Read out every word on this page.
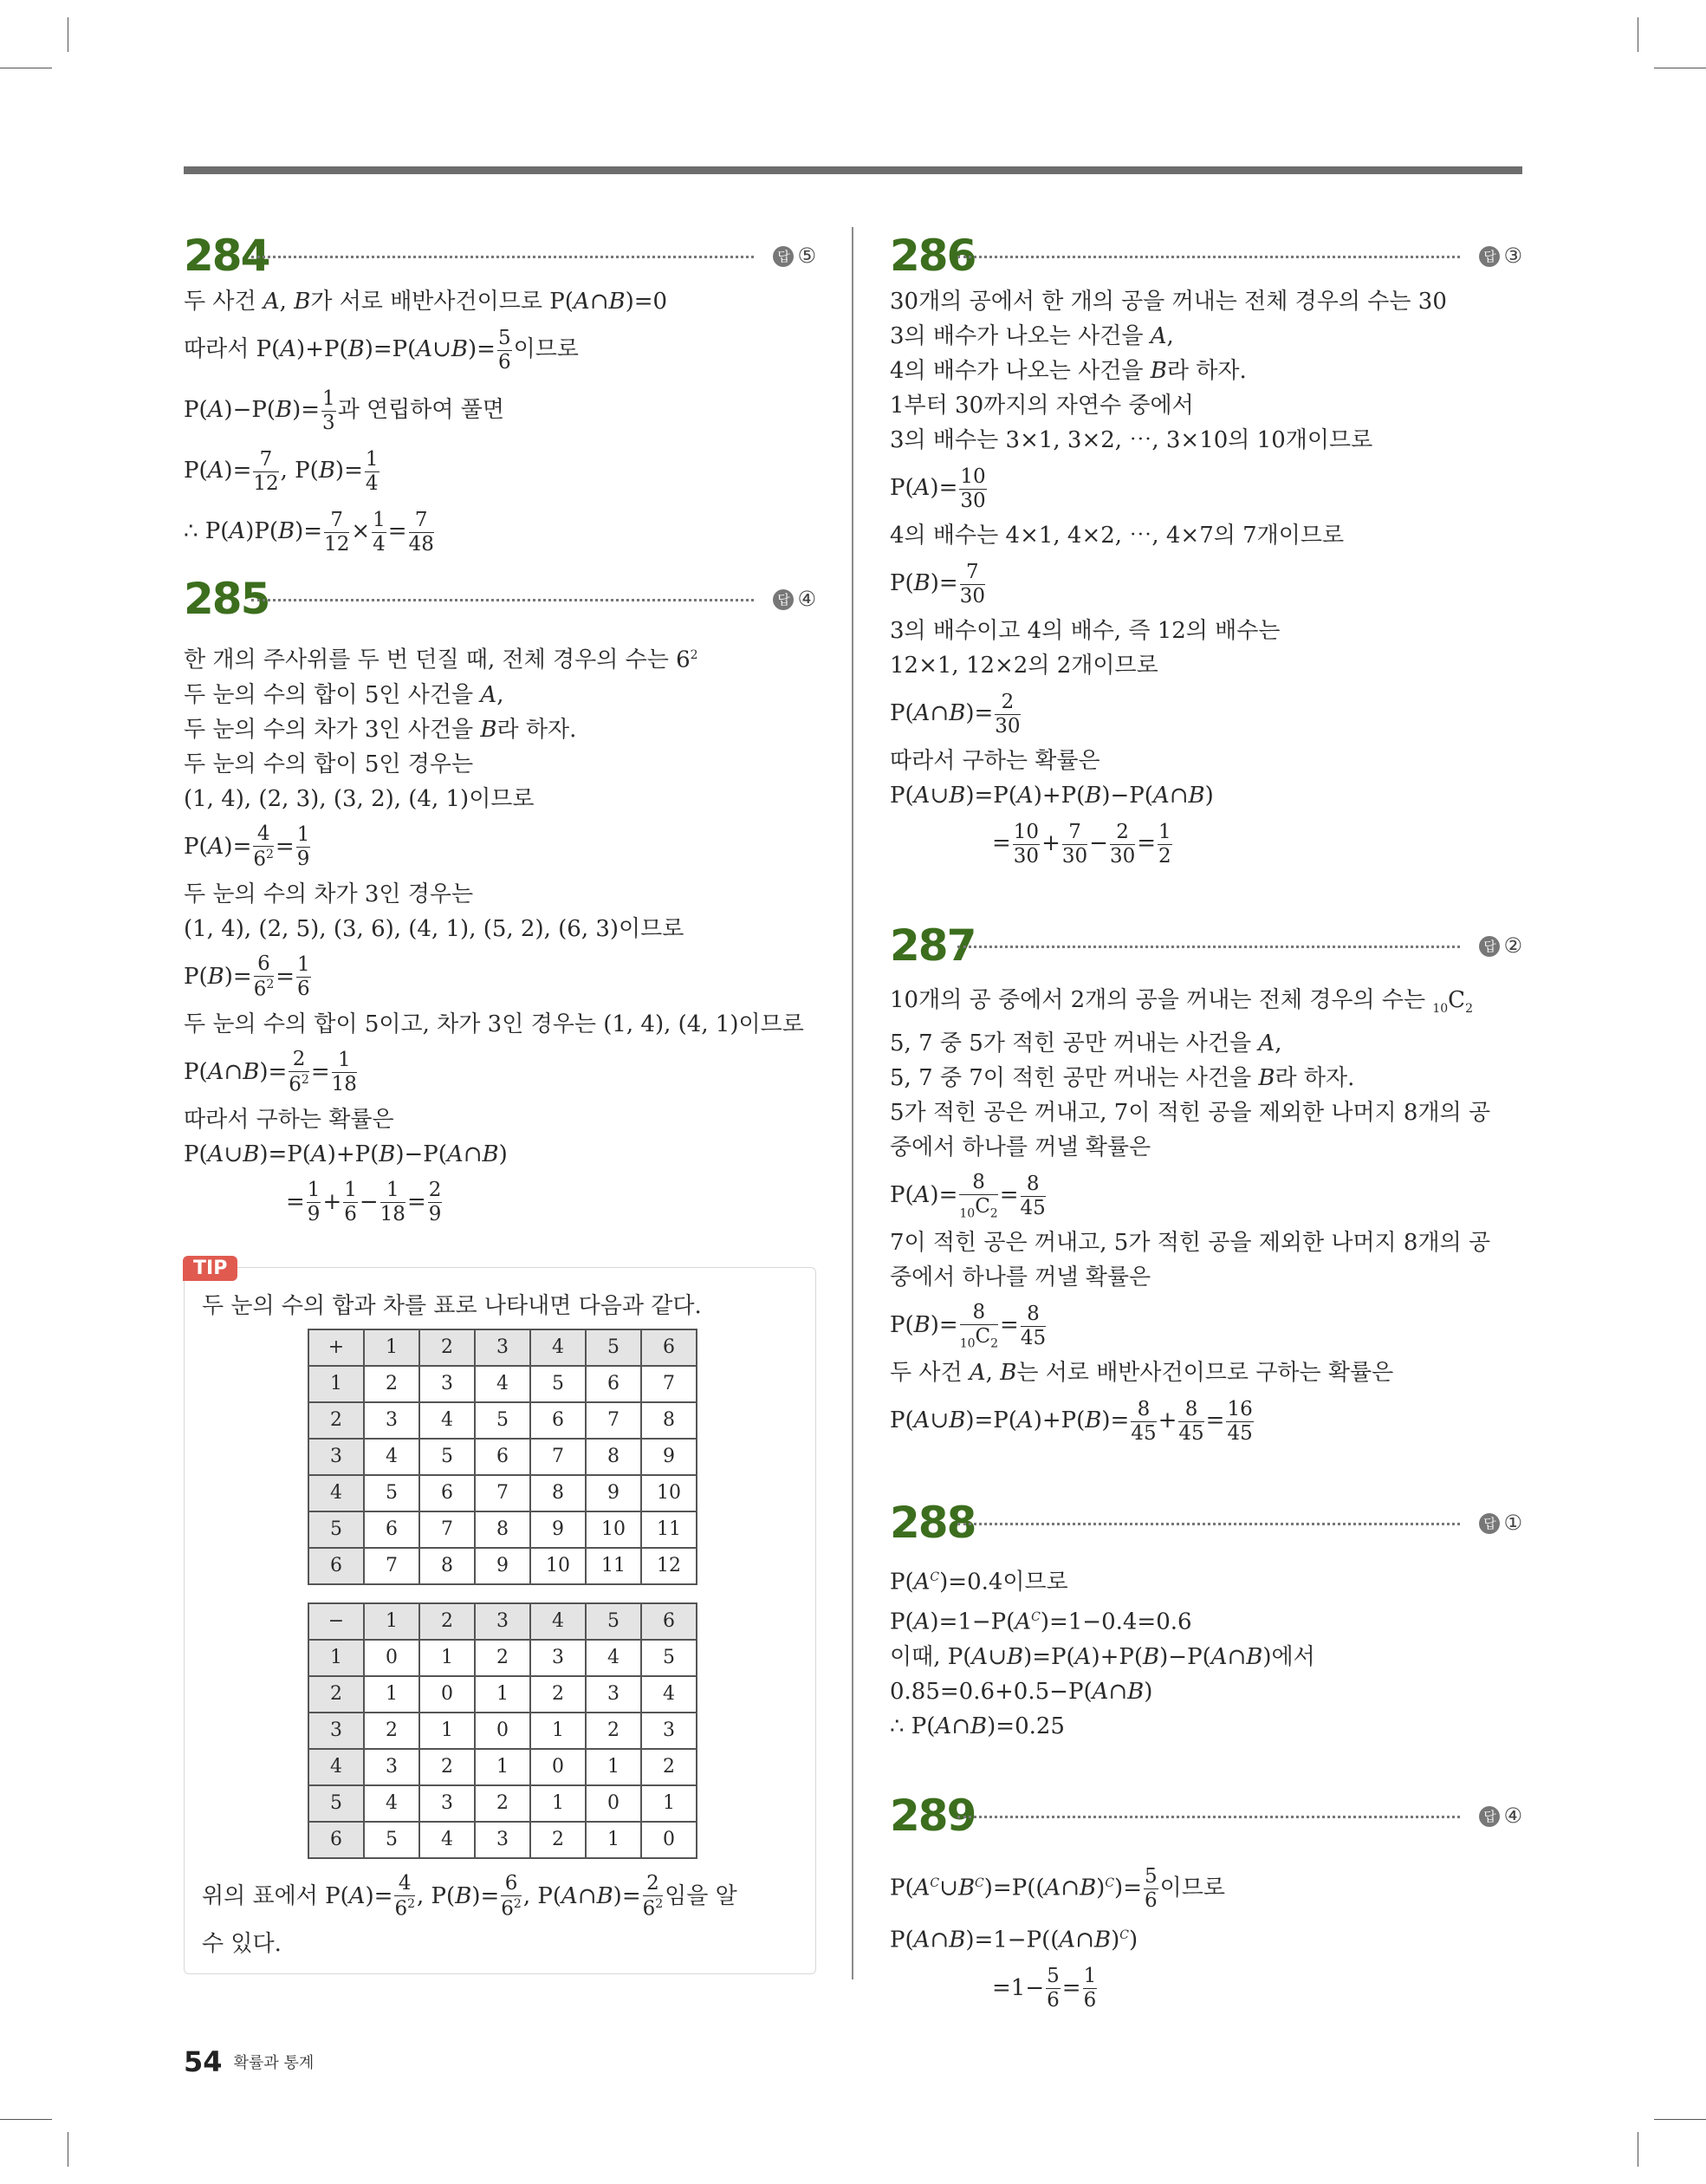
284	답 ⑤

두 사건 A, B가 서로 배반사건이므로 P(A∩B)=0

따라서 P(A)+P(B)=P(A∪B)= $\frac{5}{6}$ 이므로

$P(A)-P(B)= \frac{1}{3}$ 과 연립하여 풀면

$P(A)= \frac{7}{12}$ , $P(B)= \frac{1}{4}$

∴ $P(A)P(B)= \frac{7}{12} \times \frac{1}{4} = \frac{7}{48}$

285	답 ④

한 개의 주사위를 두 번 던질 때, 전체 경우의 수는 $6^2$

두 눈의 수의 합이 5인 사건을 A,

두 눈의 수의 차가 3인 사건을 B라 하자.

두 눈의 수의 합이 5인 경우는

(1, 4), (2, 3), (3, 2), (4, 1)이므로

$P(A)= \frac{4}{6^2} = \frac{1}{9}$

두 눈의 수의 차가 3인 경우는

(1, 4), (2, 5), (3, 6), (4, 1), (5, 2), (6, 3)이므로

$P(B)= \frac{6}{6^2} = \frac{1}{6}$

두 눈의 수의 합이 5이고, 차가 3인 경우는 (1, 4), (4, 1)이므로

P(A∩B)= $\frac{2}{6^2} = \frac{1}{18}$

따라서 구하는 확률은

P(A∪B)=P(A)+P(B)−P(A∩B)

= $\frac{1}{9} + \frac{1}{6} - \frac{1}{18} = \frac{2}{9}$

TIP

두 눈의 수의 합과 차를 표로 나타내면 다음과 같다.

+	1	2	3	4	5	6
1	2	3	4	5	6	7
2	3	4	5	6	7	8
3	4	5	6	7	8	9
4	5	6	7	8	9	10
5	6	7	8	9	10	11
6	7	8	9	10	11	12
−	1	2	3	4	5	6
1	0	1	2	3	4	5
2	1	0	1	2	3	4
3	2	1	0	1	2	3
4	3	2	1	0	1	2
5	4	3	2	1	0	1
6	5	4	3	2	1	0

위의 표에서 $P(A)= \frac{4}{6^2}$ , $P(B)= \frac{6}{6^2}$ , P(A∩B)= $\frac{2}{6^2}$ 임을 알

수 있다.

286	답 ③

30개의 공에서 한 개의 공을 꺼내는 전체 경우의 수는 30

3의 배수가 나오는 사건을 A,

4의 배수가 나오는 사건을 B라 하자.

1부터 30까지의 자연수 중에서

3의 배수는 3×1, 3×2, ⋯, 3×10의 10개이므로

$P(A)= \frac{10}{30}$

4의 배수는 4×1, 4×2, ⋯, 4×7의 7개이므로

$P(B)= \frac{7}{30}$

3의 배수이고 4의 배수, 즉 12의 배수는

12×1, 12×2의 2개이므로

P(A∩B)= $\frac{2}{30}$

따라서 구하는 확률은

P(A∪B)=P(A)+P(B)−P(A∩B)

= $\frac{10}{30} + \frac{7}{30} - \frac{2}{30} = \frac{1}{2}$

287	답 ②

10개의 공 중에서 2개의 공을 꺼내는 전체 경우의 수는 $_{10}C_2$

5, 7 중 5가 적힌 공만 꺼내는 사건을 A,

5, 7 중 7이 적힌 공만 꺼내는 사건을 B라 하자.

5가 적힌 공은 꺼내고, 7이 적힌 공을 제외한 나머지 8개의 공

중에서 하나를 꺼낼 확률은

$P(A)= \frac{8}{_{10}C_2} = \frac{8}{45}$

7이 적힌 공은 꺼내고, 5가 적힌 공을 제외한 나머지 8개의 공

중에서 하나를 꺼낼 확률은

$P(B)= \frac{8}{_{10}C_2} = \frac{8}{45}$

두 사건 A, B는 서로 배반사건이므로 구하는 확률은

P(A∪B)=P(A)+P(B)= $\frac{8}{45} + \frac{8}{45} = \frac{16}{45}$

288	답 ①

$P(A^C)=0.4$이므로

$P(A)=1-P(A^C)=1-0.4=0.6$

이때, P(A∪B)=P(A)+P(B)−P(A∩B)에서

0.85=0.6+0.5−P(A∩B)

∴ P(A∩B)=0.25

289	답 ④

$P(A^C\cup B^C)=P((A\cap B)^C)= \frac{5}{6}$ 이므로

P(A∩B)=1−P((A∩B)$^C$)

$=1- \frac{5}{6} = \frac{1}{6}$

54 확률과 통계
